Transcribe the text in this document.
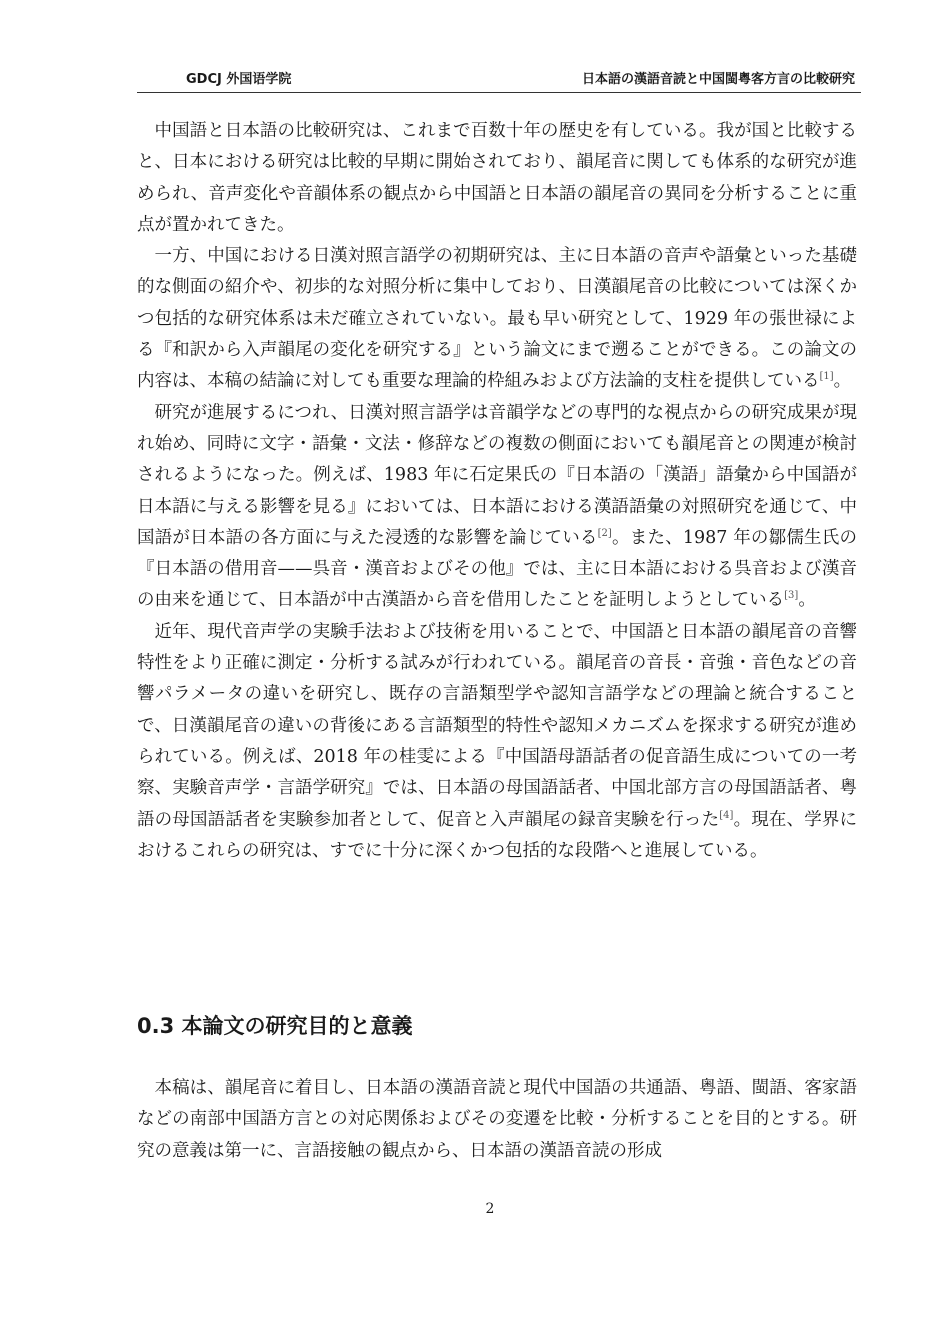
GDCJ 外国语学院	日本語の漢語音読と中国閩粤客方言の比較研究

中国語と日本語の比較研究は、これまで百数十年の歴史を有している。我が国と比較すると、日本における研究は比較的早期に開始されており、韻尾音に関しても体系的な研究が進められ、音声変化や音韻体系の観点から中国語と日本語の韻尾音の異同を分析することに重点が置かれてきた。

一方、中国における日漢対照言語学の初期研究は、主に日本語の音声や語彙といった基礎的な側面の紹介や、初歩的な対照分析に集中しており、日漢韻尾音の比較については深くかつ包括的な研究体系は未だ確立されていない。最も早い研究として、1929 年の張世禄による『和訳から入声韻尾の変化を研究する』という論文にまで遡ることができる。この論文の内容は、本稿の結論に対しても重要な理論的枠組みおよび方法論的支柱を提供している[1]。

研究が進展するにつれ、日漢対照言語学は音韻学などの専門的な視点からの研究成果が現れ始め、同時に文字・語彙・文法・修辞などの複数の側面においても韻尾音との関連が検討されるようになった。例えば、1983 年に石定果氏の『日本語の「漢語」語彙から中国語が日本語に与える影響を見る』においては、日本語における漢語語彙の対照研究を通じて、中国語が日本語の各方面に与えた浸透的な影響を論じている[2]。また、1987 年の鄒儒生氏の『日本語の借用音——呉音・漢音およびその他』では、主に日本語における呉音および漢音の由来を通じて、日本語が中古漢語から音を借用したことを証明しようとしている[3]。

近年、現代音声学の実験手法および技術を用いることで、中国語と日本語の韻尾音の音響特性をより正確に測定・分析する試みが行われている。韻尾音の音長・音強・音色などの音響パラメータの違いを研究し、既存の言語類型学や認知言語学などの理論と統合することで、日漢韻尾音の違いの背後にある言語類型的特性や認知メカニズムを探求する研究が進められている。例えば、2018 年の桂雯による『中国語母語話者の促音語生成についての一考察、実験音声学・言語学研究』では、日本語の母国語話者、中国北部方言の母国語話者、粤語の母国語話者を実験参加者として、促音と入声韻尾の録音実験を行った[4]。現在、学界におけるこれらの研究は、すでに十分に深くかつ包括的な段階へと進展している。

0.3 本論文の研究目的と意義

本稿は、韻尾音に着目し、日本語の漢語音読と現代中国語の共通語、粤語、閩語、客家語などの南部中国語方言との対応関係およびその変遷を比較・分析することを目的とする。研究の意義は第一に、言語接触の観点から、日本語の漢語音読の形成

2
